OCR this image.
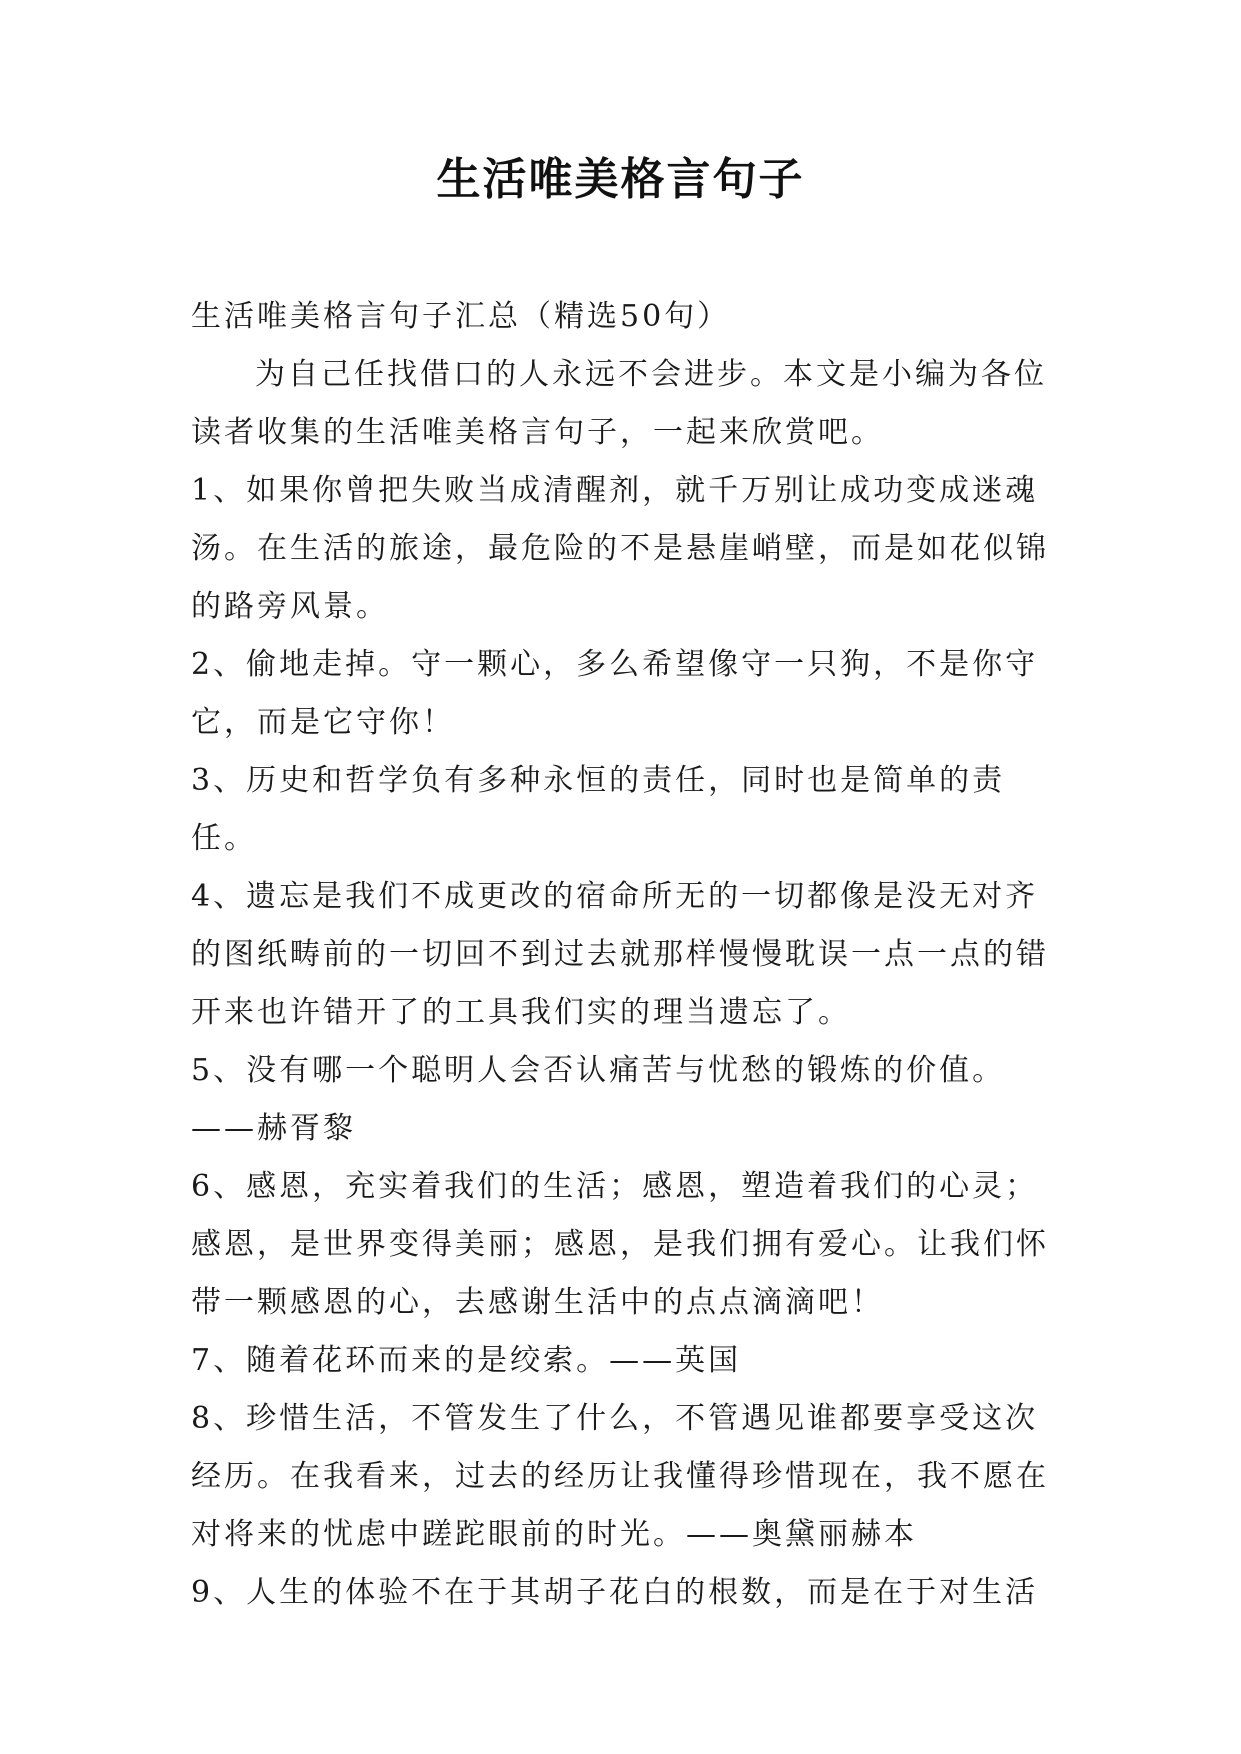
生活唯美格言句子

生活唯美格言句子汇总（精选50句）

为自己任找借口的人永远不会进步。本文是小编为各位读者收集的生活唯美格言句子，一起来欣赏吧。

1、如果你曾把失败当成清醒剂，就千万别让成功变成迷魂汤。在生活的旅途，最危险的不是悬崖峭壁，而是如花似锦的路旁风景。

2、偷地走掉。守一颗心，多么希望像守一只狗，不是你守它，而是它守你！

3、历史和哲学负有多种永恒的责任，同时也是简单的责任。

4、遗忘是我们不成更改的宿命所无的一切都像是没无对齐的图纸畴前的一切回不到过去就那样慢慢耽误一点一点的错开来也许错开了的工具我们实的理当遗忘了。

5、没有哪一个聪明人会否认痛苦与忧愁的锻炼的价值。——赫胥黎

6、感恩，充实着我们的生活；感恩，塑造着我们的心灵；感恩，是世界变得美丽；感恩，是我们拥有爱心。让我们怀带一颗感恩的心，去感谢生活中的点点滴滴吧！

7、随着花环而来的是绞索。——英国

8、珍惜生活，不管发生了什么，不管遇见谁都要享受这次经历。在我看来，过去的经历让我懂得珍惜现在，我不愿在对将来的忧虑中蹉跎眼前的时光。——奥黛丽赫本

9、人生的体验不在于其胡子花白的根数，而是在于对生活
